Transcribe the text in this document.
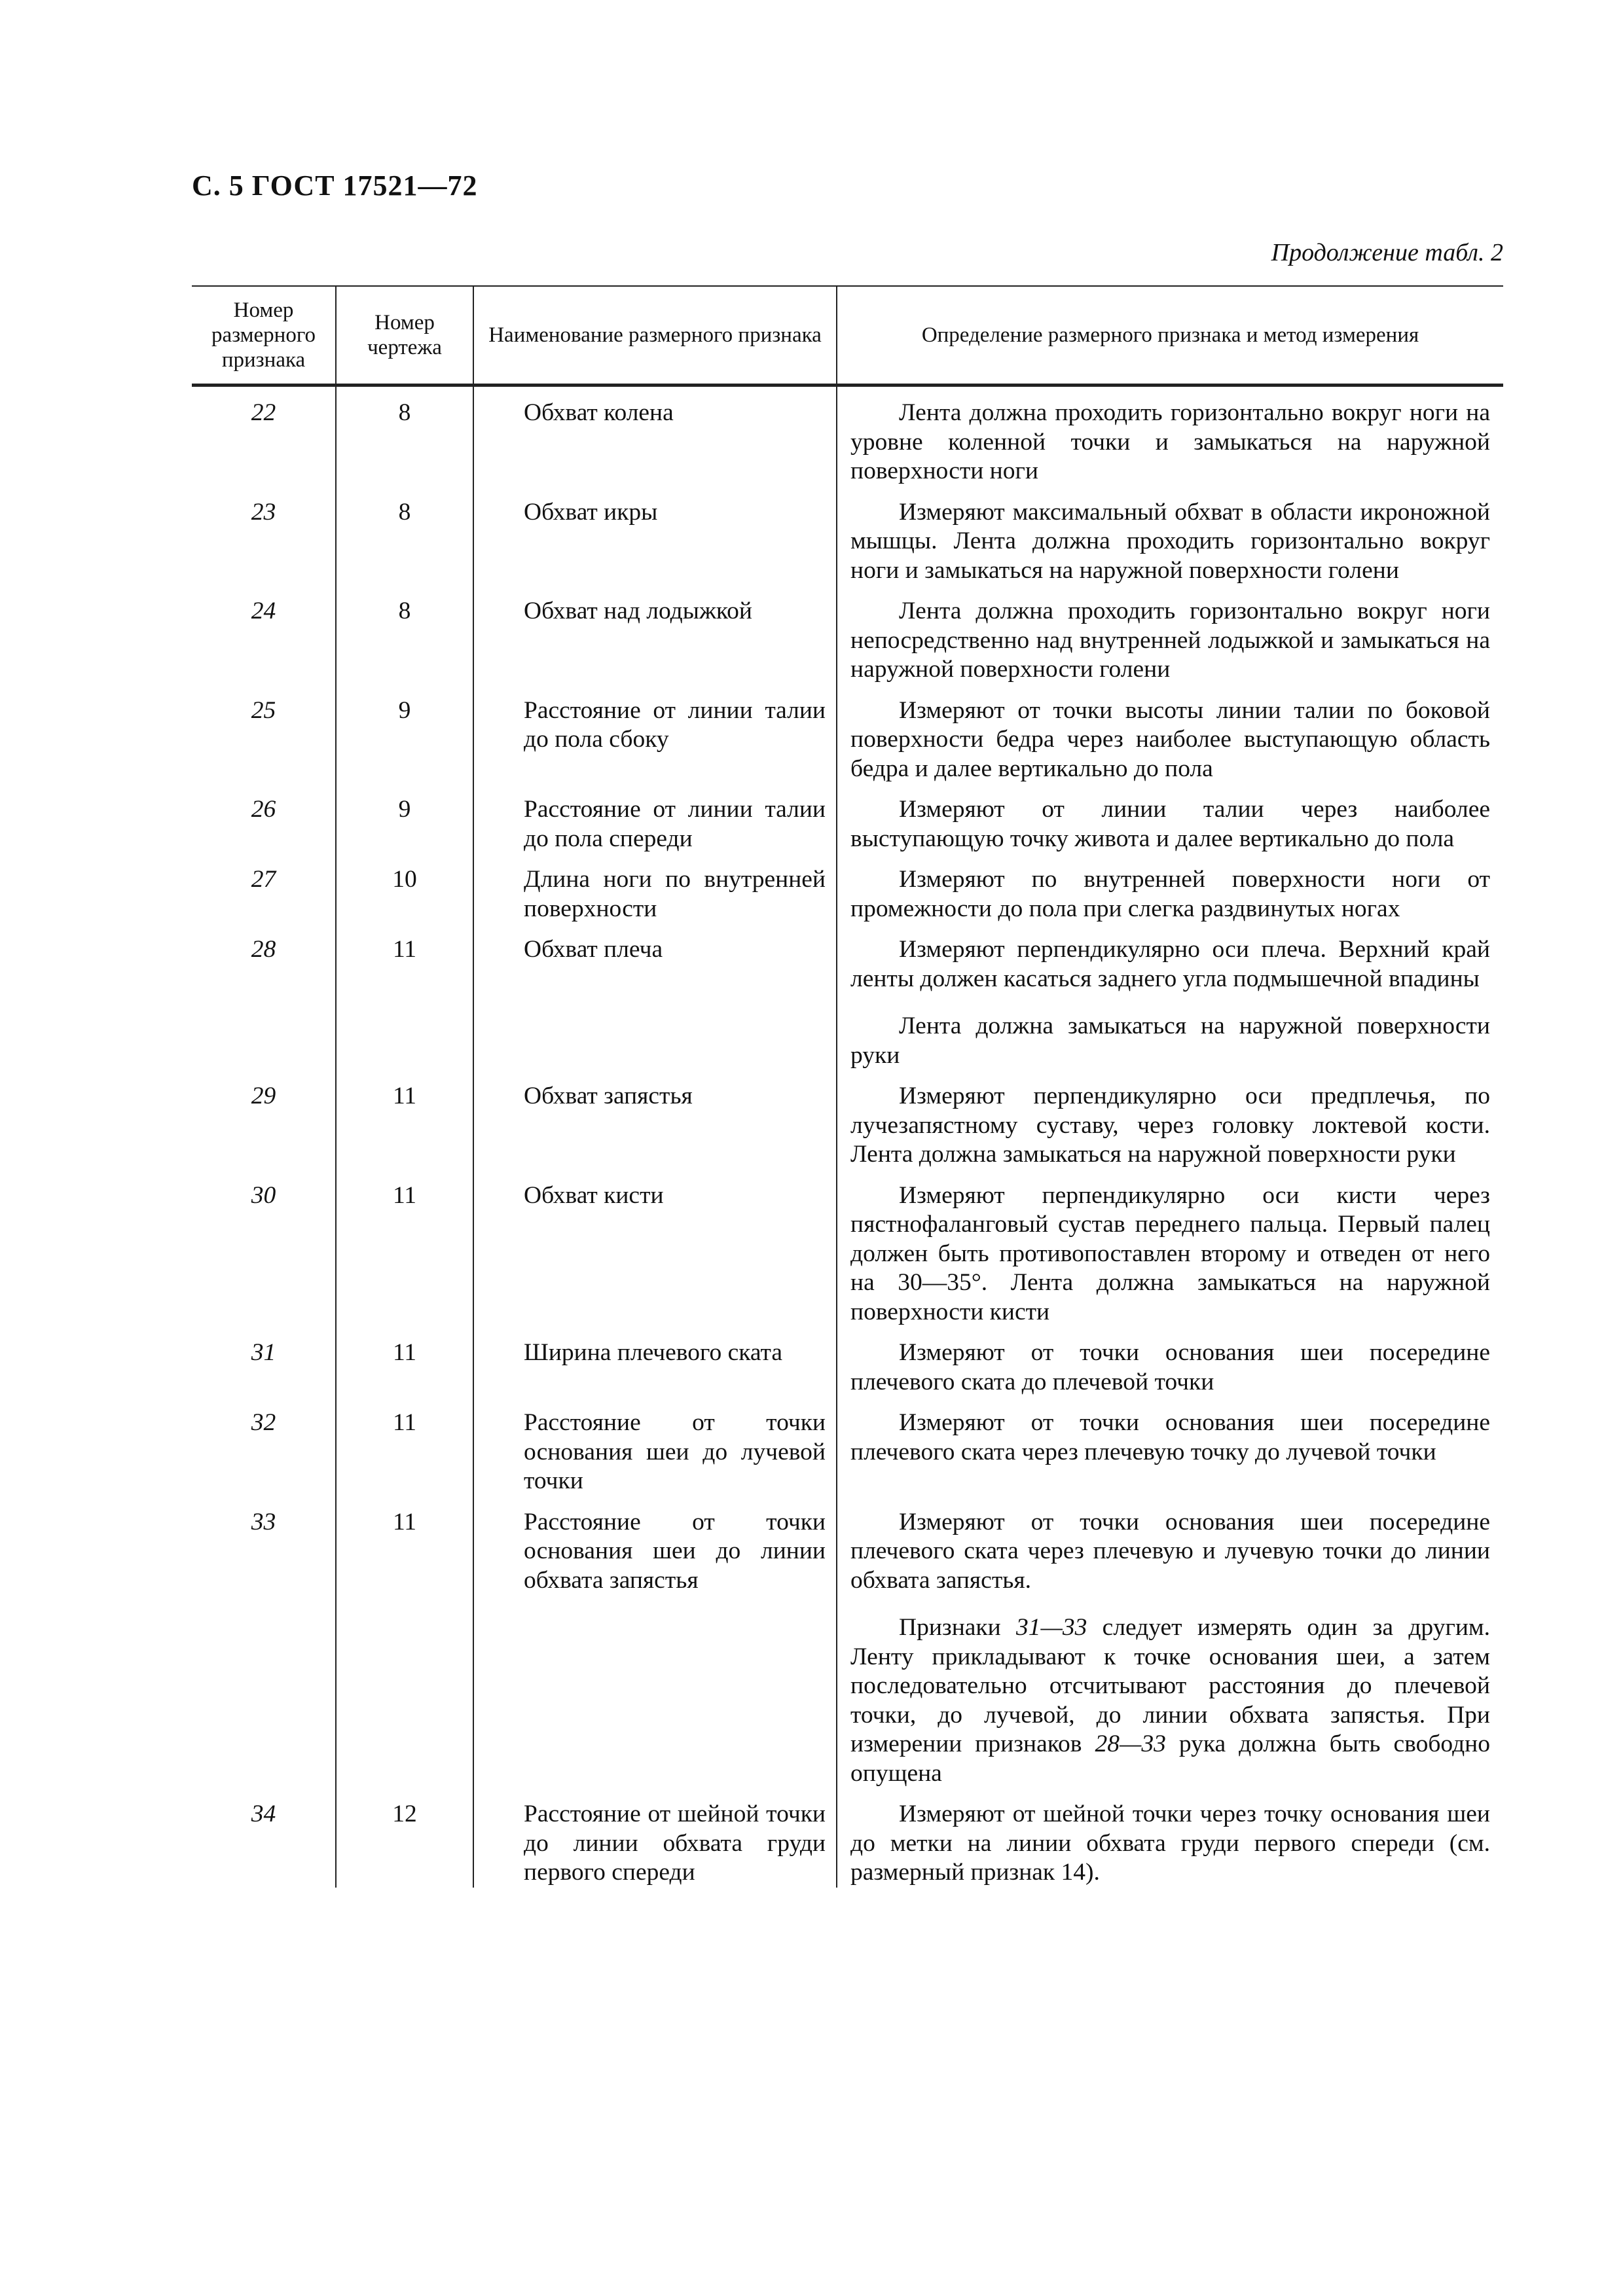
С. 5 ГОСТ 17521—72
Продолжение табл. 2
Номер размерного признака	Номер чертежа	Наименование размерного признака	Определение размерного признака и метод измерения
22	8	Обхват колена	Лента должна проходить горизонтально вокруг ноги на уровне коленной точки и замыкаться на наружной поверхности ноги

23	8	Обхват икры	Измеряют максимальный обхват в области икроножной мышцы. Лента должна проходить горизонтально вокруг ноги и замыкаться на наружной поверхности голени

24	8	Обхват над лодыжкой	Лента должна проходить горизонтально вокруг ноги непосредственно над внутренней лодыжкой и замыкаться на наружной поверхности голени

25	9	Расстояние от линии талии до пола сбоку	Измеряют от точки высоты линии талии по боковой поверхности бедра через наиболее выступающую область бедра и далее вертикально до пола

26	9	Расстояние от линии талии до пола спереди	Измеряют от линии талии через наиболее выступающую точку живота и далее вертикально до пола

27	10	Длина ноги по внутренней поверхности	Измеряют по внутренней поверхности ноги от промежности до пола при слегка раздвинутых ногах

28	11	Обхват плеча	Измеряют перпендикулярно оси плеча. Верхний край ленты должен касаться заднего угла подмышечной впадины

Лента должна замыкаться на наружной поверхности руки

29	11	Обхват запястья	Измеряют перпендикулярно оси предплечья, по лучезапястному суставу, через головку локтевой кости. Лента должна замыкаться на наружной поверхности руки

30	11	Обхват кисти	Измеряют перпендикулярно оси кисти через пястнофаланговый сустав переднего пальца. Первый палец должен быть противопоставлен второму и отведен от него на 30—35°. Лента должна замыкаться на наружной поверхности кисти

31	11	Ширина плечевого ската	Измеряют от точки основания шеи посередине плечевого ската до плечевой точки

32	11	Расстояние от точки основания шеи до лучевой точки	Измеряют от точки основания шеи посередине плечевого ската через плечевую точку до лучевой точки

33	11	Расстояние от точки основания шеи до линии обхвата запястья	Измеряют от точки основания шеи посередине плечевого ската через плечевую и лучевую точки до линии обхвата запястья.

Признаки 31—33 следует измерять один за другим. Ленту прикладывают к точке основания шеи, а затем последовательно отсчитывают расстояния до плечевой точки, до лучевой, до линии обхвата запястья. При измерении признаков 28—33 рука должна быть свободно опущена

34	12	Расстояние от шейной точки до линии обхвата груди первого спереди	Измеряют от шейной точки через точку основания шеи до метки на линии обхвата груди первого спереди (см. размерный признак 14).
